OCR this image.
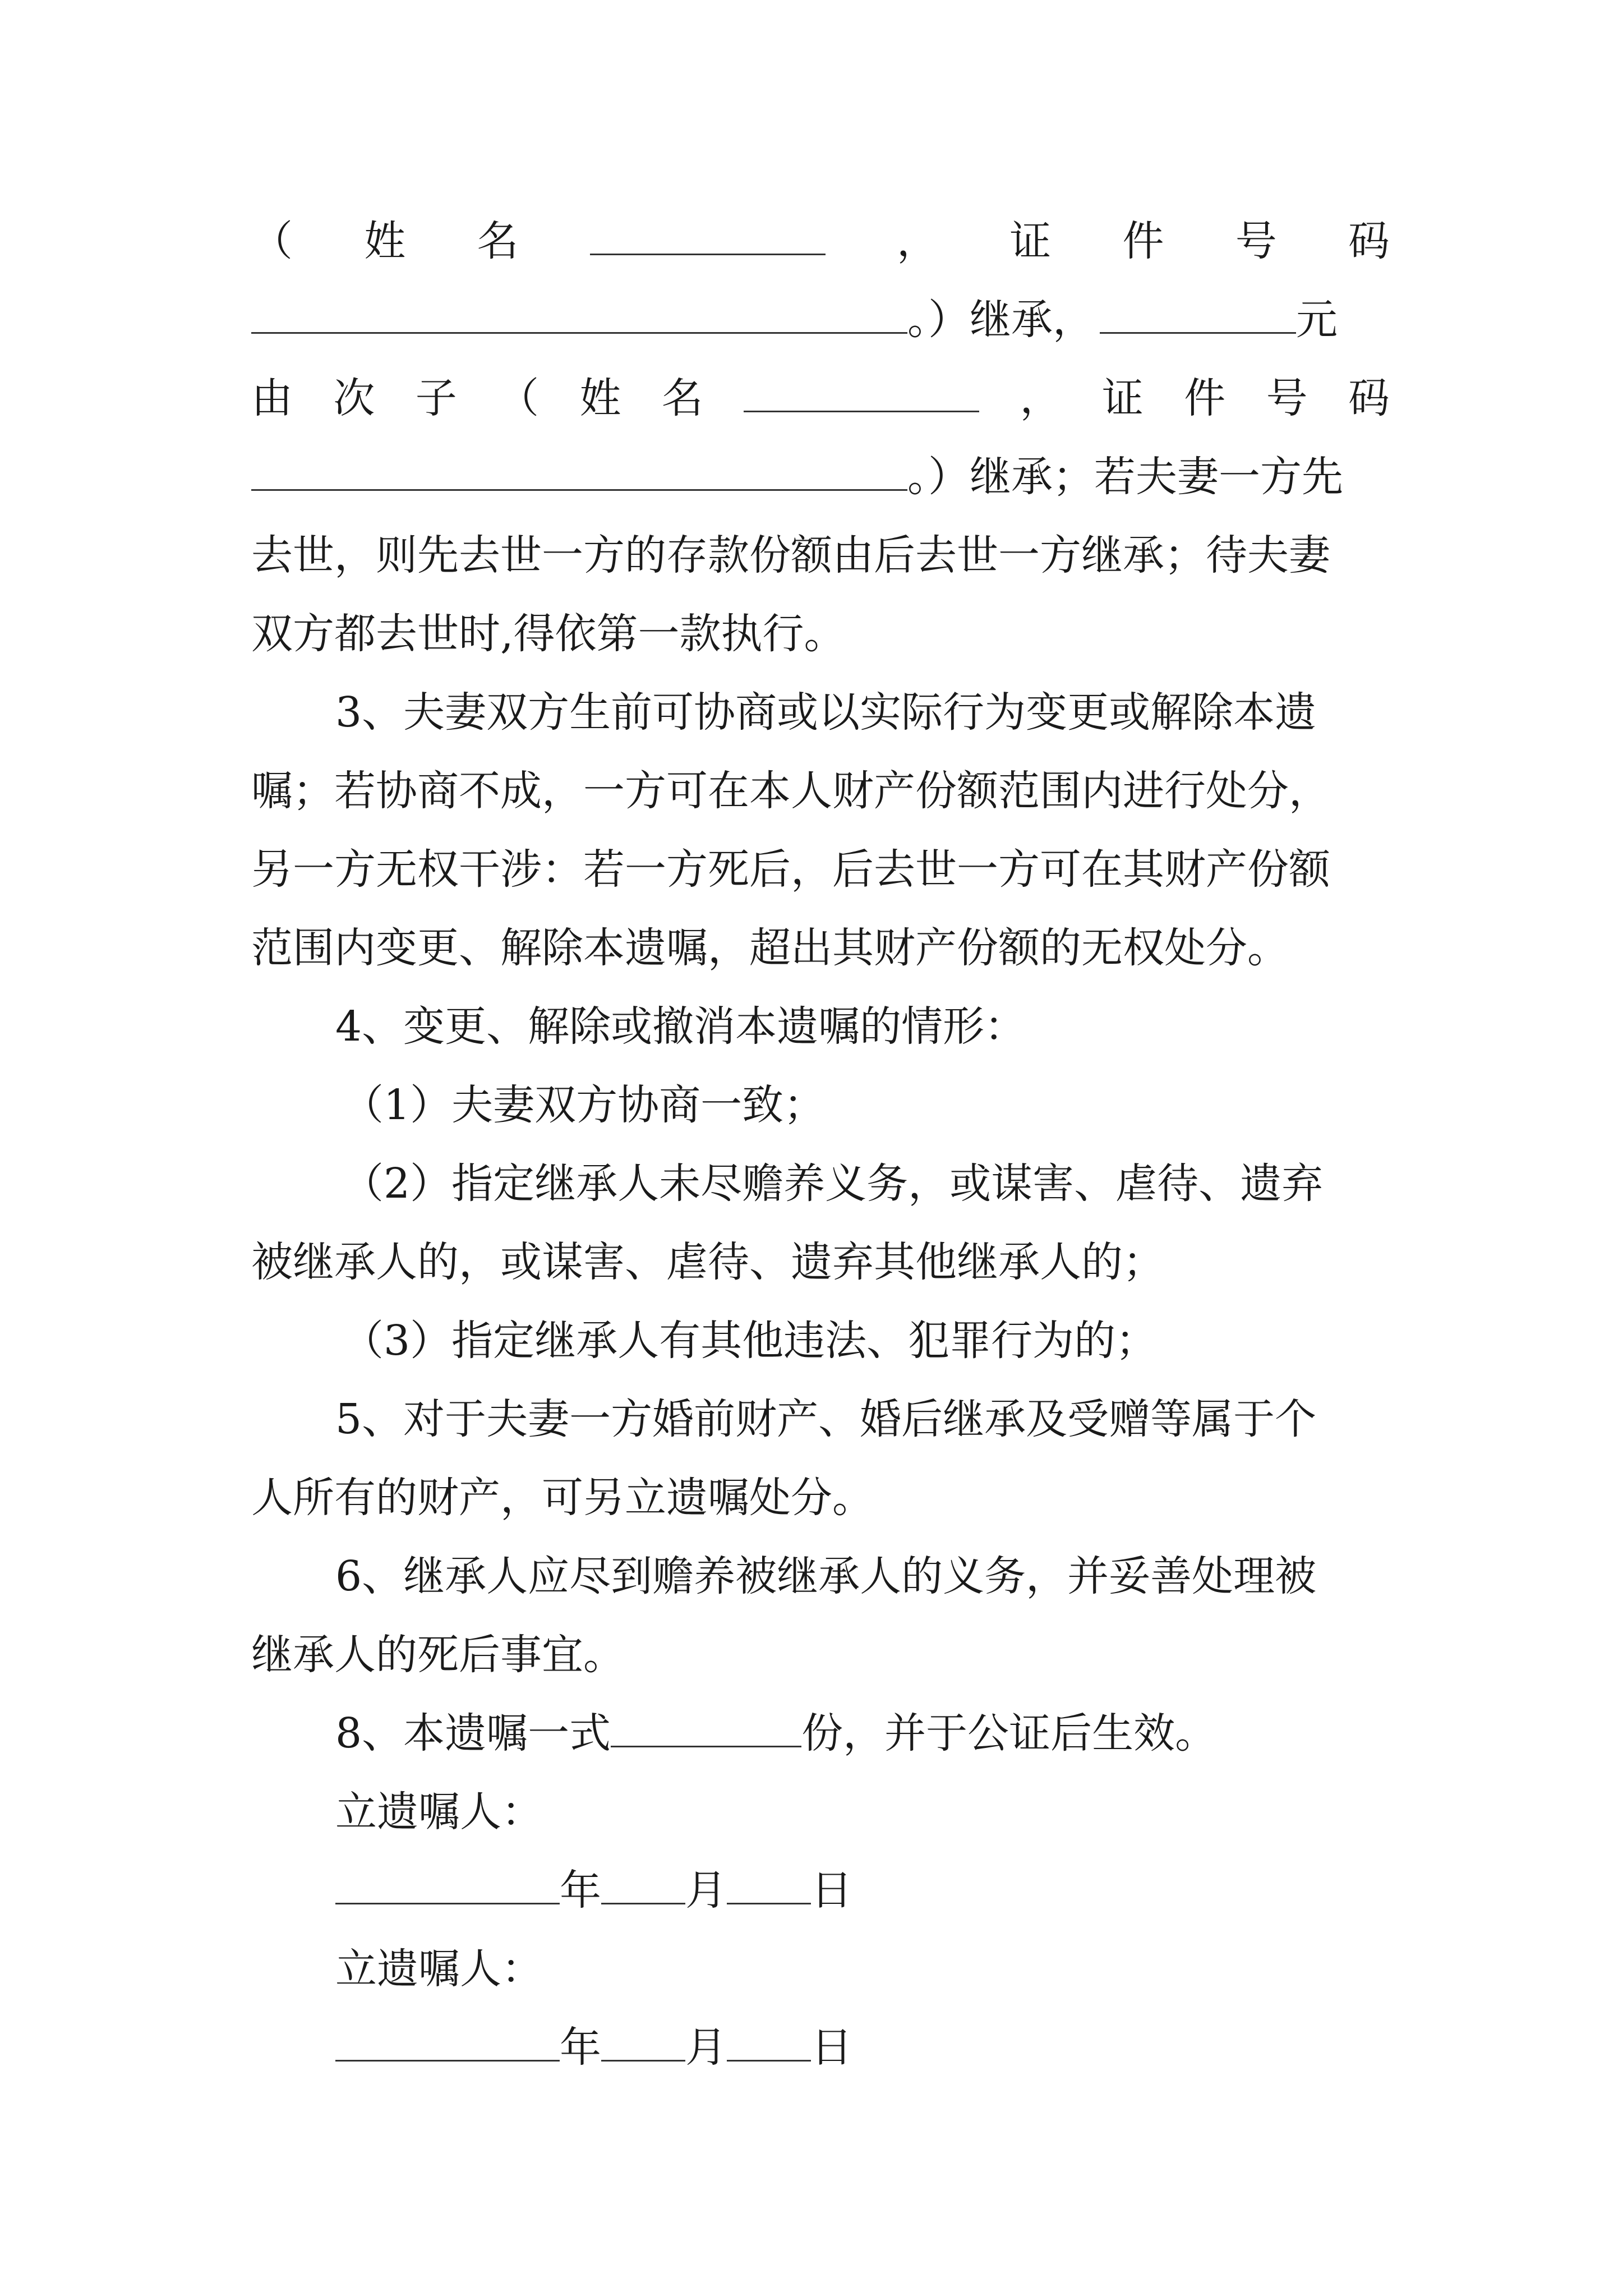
（ 姓 名	， 证 件 号 码
。）继承，	元
由 次 子 （ 姓 名	， 证 件 号 码
。）继承；若夫妻一方先
去世，则先去世一方的存款份额由后去世一方继承；待夫妻
双方都去世时,得依第一款执行。
3、夫妻双方生前可协商或以实际行为变更或解除本遗
嘱；若协商不成，一方可在本人财产份额范围内进行处分，
另一方无权干涉：若一方死后，后去世一方可在其财产份额
范围内变更、解除本遗嘱，超出其财产份额的无权处分。
4、变更、解除或撤消本遗嘱的情形：
（1）夫妻双方协商一致；
（2）指定继承人未尽赡养义务，或谋害、虐待、遗弃
被继承人的，或谋害、虐待、遗弃其他继承人的；
（3）指定继承人有其他违法、犯罪行为的；
5、对于夫妻一方婚前财产、婚后继承及受赠等属于个
人所有的财产，可另立遗嘱处分。
6、继承人应尽到赡养被继承人的义务，并妥善处理被
继承人的死后事宜。
8、本遗嘱一式	份，并于公证后生效。
立遗嘱人：
年 月 日
立遗嘱人：
年 月 日
